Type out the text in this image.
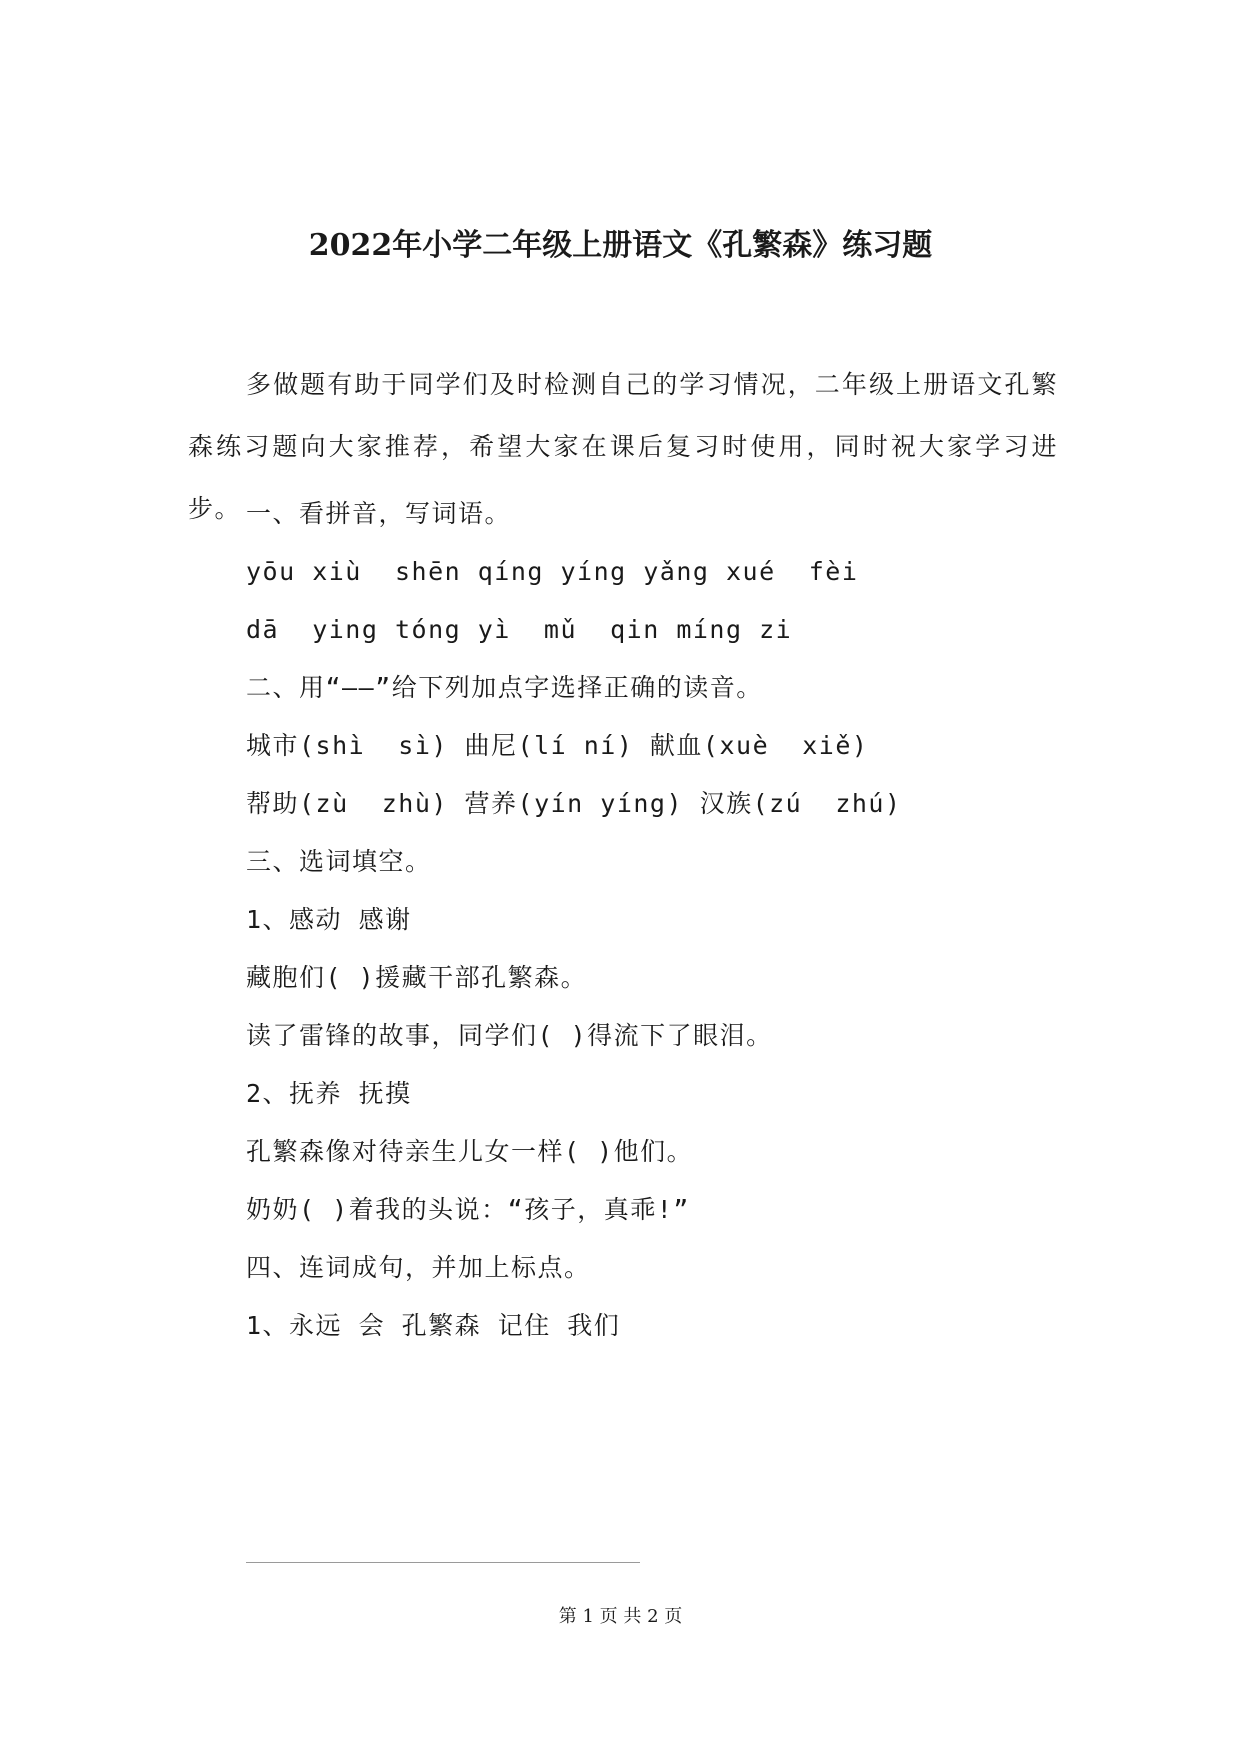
2022年小学二年级上册语文《孔繁森》练习题

多做题有助于同学们及时检测自己的学习情况，二年级上册语文孔繁森练习题向大家推荐，希望大家在课后复习时使用，同时祝大家学习进步。 一、看拼音，写词语。

yōu xiù  shēn qíng yíng yǎng xué  fèi

dā  ying tóng yì  mǔ  qin míng zi

二、用“——”给下列加点字选择正确的读音。

城市(shì  sì) 曲尼(lí ní) 献血(xuè  xiě)

帮助(zù  zhù) 营养(yín yíng) 汉族(zú  zhú)

三、选词填空。

1、感动 感谢

藏胞们( )援藏干部孔繁森。

读了雷锋的故事，同学们( )得流下了眼泪。

2、抚养 抚摸

孔繁森像对待亲生儿女一样( )他们。

奶奶( )着我的头说：“孩子，真乖!”

四、连词成句，并加上标点。

1、永远 会 孔繁森 记住 我们

第 1 页 共 2 页
